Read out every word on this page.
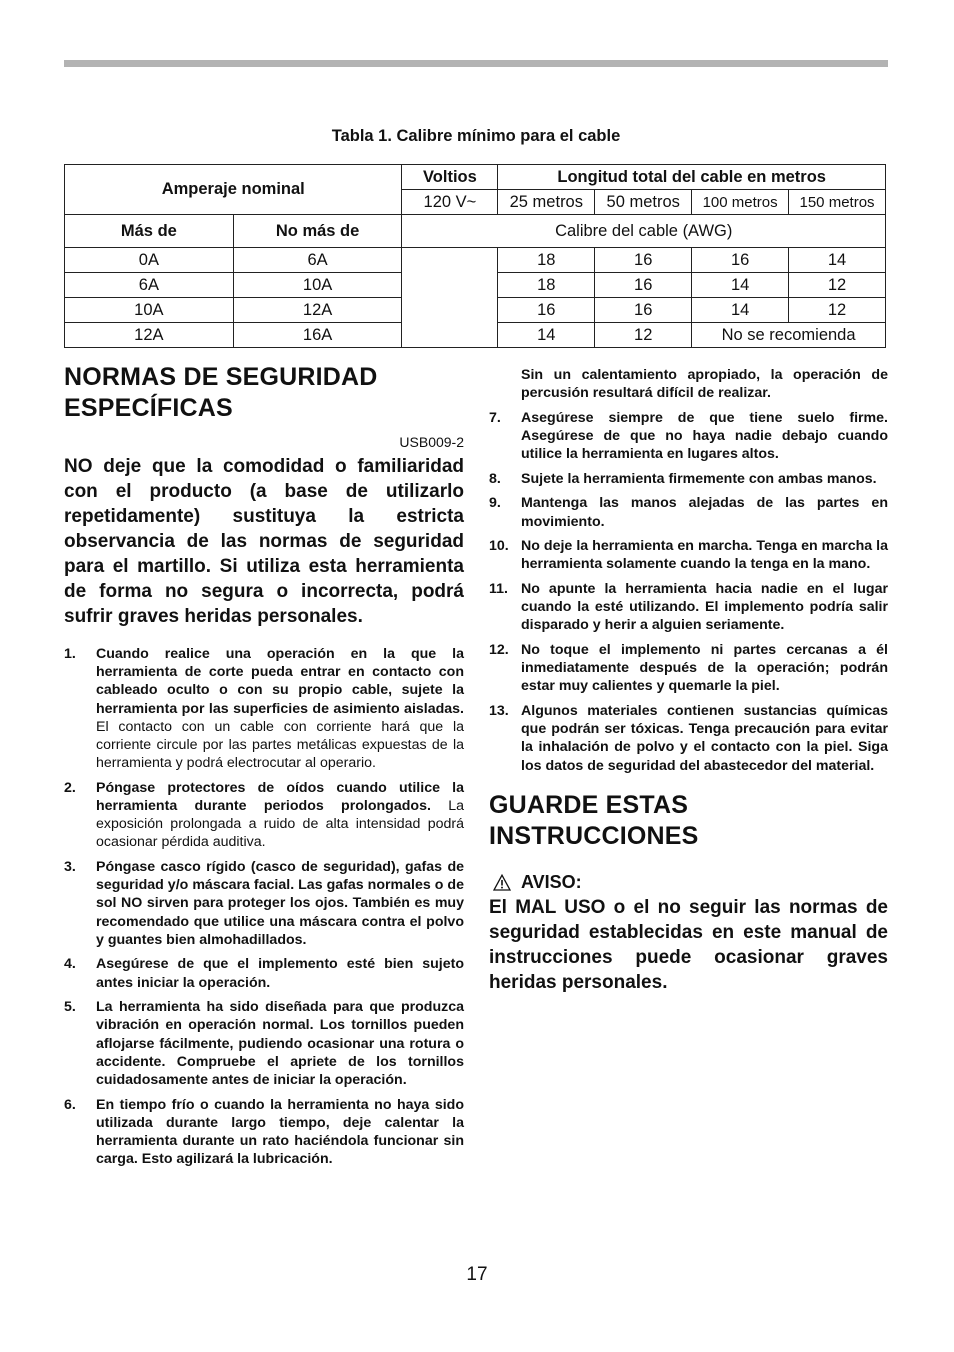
Tabla 1. Calibre mínimo para el cable
Amperaje nominal		Voltios	Longitud total del cable en metros			
		120 V~	25 metros	50 metros	100 metros	150 metros
Más de	No más de	Calibre del cable (AWG)				
0A	6A		18	16	16	14
6A	10A		18	16	14	12
10A	12A		16	16	14	12
12A	16A		14	12	No se recomienda	
NORMAS DE SEGURIDAD
ESPECÍFICAS
USB009-2
NO deje que la comodidad o familiaridad con el producto (a base de utilizarlo repetidamente) sustituya la estricta observancia de las normas de seguridad para el martillo. Si utiliza esta herramienta de forma no segura o incorrecta, podrá sufrir graves heridas personales.
1. Cuando realice una operación en la que la herramienta de corte pueda entrar en contacto con cableado oculto o con su propio cable, sujete la herramienta por las superficies de asimiento aisladas. El contacto con un cable con corriente hará que la corriente circule por las partes metálicas expuestas de la herramienta y podrá electrocutar al operario.
2. Póngase protectores de oídos cuando utilice la herramienta durante periodos prolongados. La exposición prolongada a ruido de alta intensidad podrá ocasionar pérdida auditiva.
3. Póngase casco rígido (casco de seguridad), gafas de seguridad y/o máscara facial. Las gafas normales o de sol NO sirven para proteger los ojos. También es muy recomendado que utilice una máscara contra el polvo y guantes bien almohadillados.
4. Asegúrese de que el implemento esté bien sujeto antes iniciar la operación.
5. La herramienta ha sido diseñada para que produzca vibración en operación normal. Los tornillos pueden aflojarse fácilmente, pudiendo ocasionar una rotura o accidente. Compruebe el apriete de los tornillos cuidadosamente antes de iniciar la operación.
6. En tiempo frío o cuando la herramienta no haya sido utilizada durante largo tiempo, deje calentar la herramienta durante un rato haciéndola funcionar sin carga. Esto agilizará la lubricación.
Sin un calentamiento apropiado, la operación de percusión resultará difícil de realizar.
7. Asegúrese siempre de que tiene suelo firme. Asegúrese de que no haya nadie debajo cuando utilice la herramienta en lugares altos.
8. Sujete la herramienta firmemente con ambas manos.
9. Mantenga las manos alejadas de las partes en movimiento.
10. No deje la herramienta en marcha. Tenga en marcha la herramienta solamente cuando la tenga en la mano.
11. No apunte la herramienta hacia nadie en el lugar cuando la esté utilizando. El implemento podría salir disparado y herir a alguien seriamente.
12. No toque el implemento ni partes cercanas a él inmediatamente después de la operación; podrán estar muy calientes y quemarle la piel.
13. Algunos materiales contienen sustancias químicas que podrán ser tóxicas. Tenga precaución para evitar la inhalación de polvo y el contacto con la piel. Siga los datos de seguridad del abastecedor del material.
GUARDE ESTAS
INSTRUCCIONES
AVISO:
El MAL USO o el no seguir las normas de seguridad establecidas en este manual de instrucciones puede ocasionar graves heridas personales.
17
